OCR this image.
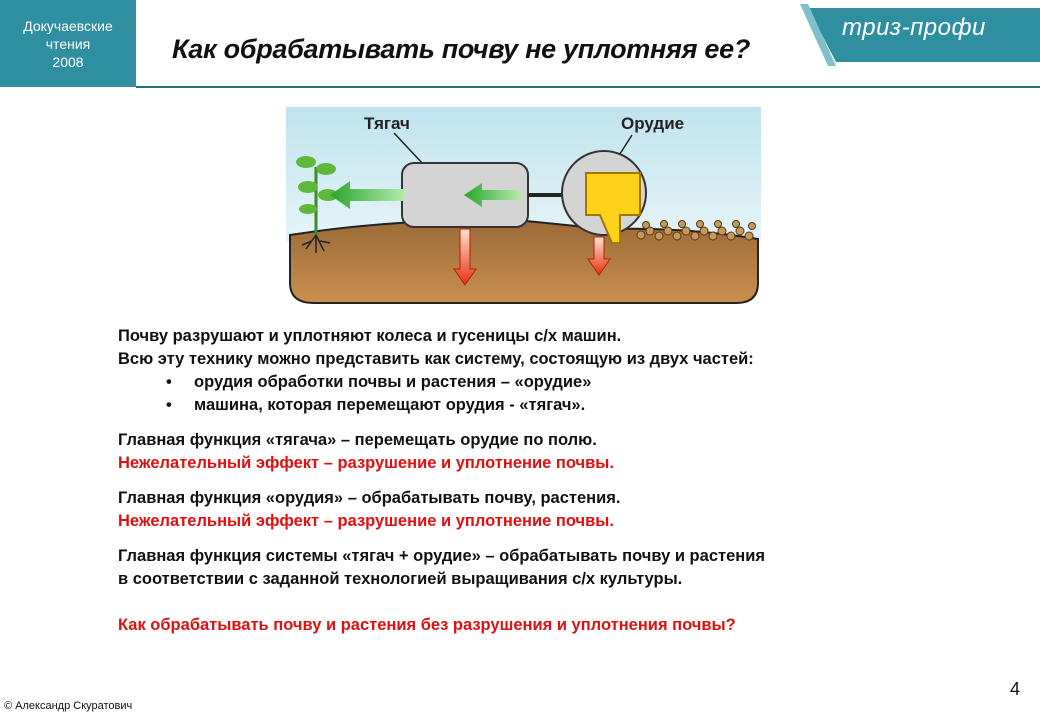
Докучаевские
чтения
2008
триз-профи
Как обрабатывать почву не уплотняя ее?
Тягач	Орудие

Почву разрушают и уплотняют колеса и гусеницы с/х машин.

Всю эту технику можно представить как систему, состоящую из двух частей:

• орудия обработки почвы и растения – «орудие»

• машина, которая перемещают орудия - «тягач».

Главная функция «тягача» – перемещать орудие по полю.

Нежелательный эффект – разрушение и уплотнение почвы.

Главная функция «орудия» – обрабатывать почву, растения.

Нежелательный эффект – разрушение и уплотнение почвы.

Главная функция системы «тягач + орудие» – обрабатывать почву и растения

в соответствии с заданной технологией выращивания с/х культуры.

Как обрабатывать почву и растения без разрушения и уплотнения почвы?

4
© Александр Скуратович
